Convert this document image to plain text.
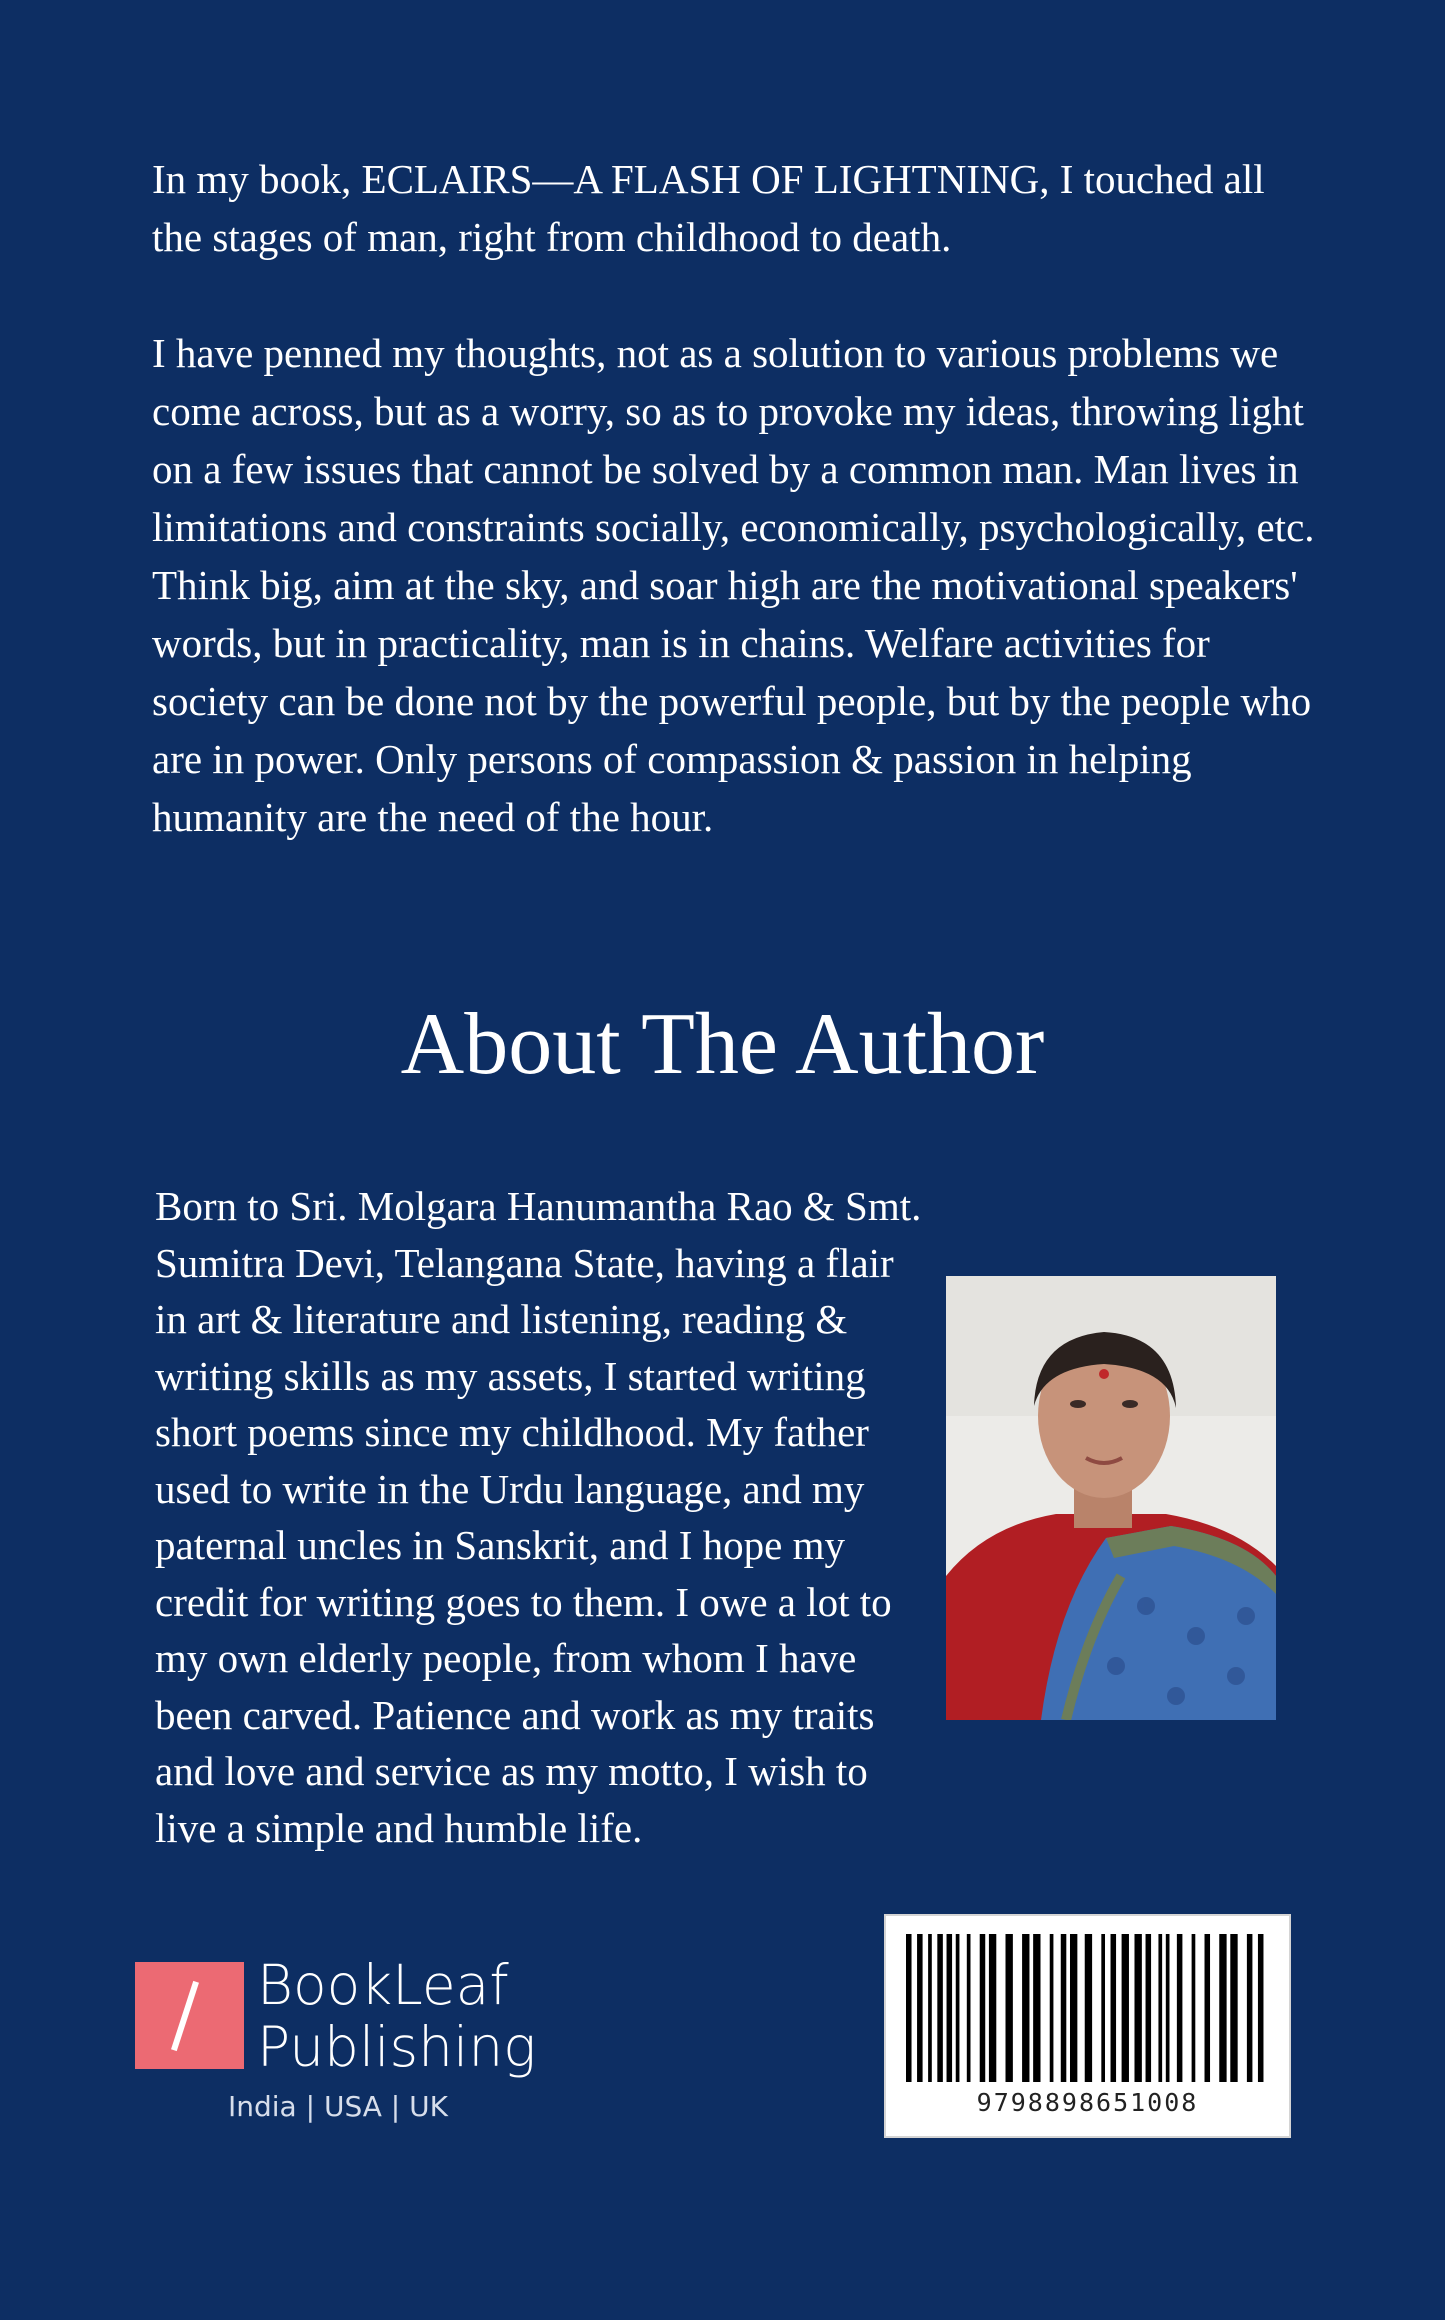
In my book, ECLAIRS—A FLASH OF LIGHTNING, I touched all the stages of man, right from childhood to death.

I have penned my thoughts, not as a solution to various problems we come across, but as a worry, so as to provoke my ideas, throwing light on a few issues that cannot be solved by a common man. Man lives in limitations and constraints socially, economically, psychologically, etc. Think big, aim at the sky, and soar high are the motivational speakers' words, but in practicality, man is in chains. Welfare activities for society can be done not by the powerful people, but by the people who are in power. Only persons of compassion & passion in helping humanity are the need of the hour.

About The Author

Born to Sri. Molgara Hanumantha Rao & Smt. Sumitra Devi, Telangana State, having a flair in art & literature and listening, reading & writing skills as my assets, I started writing short poems since my childhood. My father used to write in the Urdu language, and my paternal uncles in Sanskrit, and I hope my credit for writing goes to them. I owe a lot to my own elderly people, from whom I have been carved. Patience and work as my traits and love and service as my motto, I wish to live a simple and humble life.

BookLeaf
Publishing
India | USA | UK	9798898651008
